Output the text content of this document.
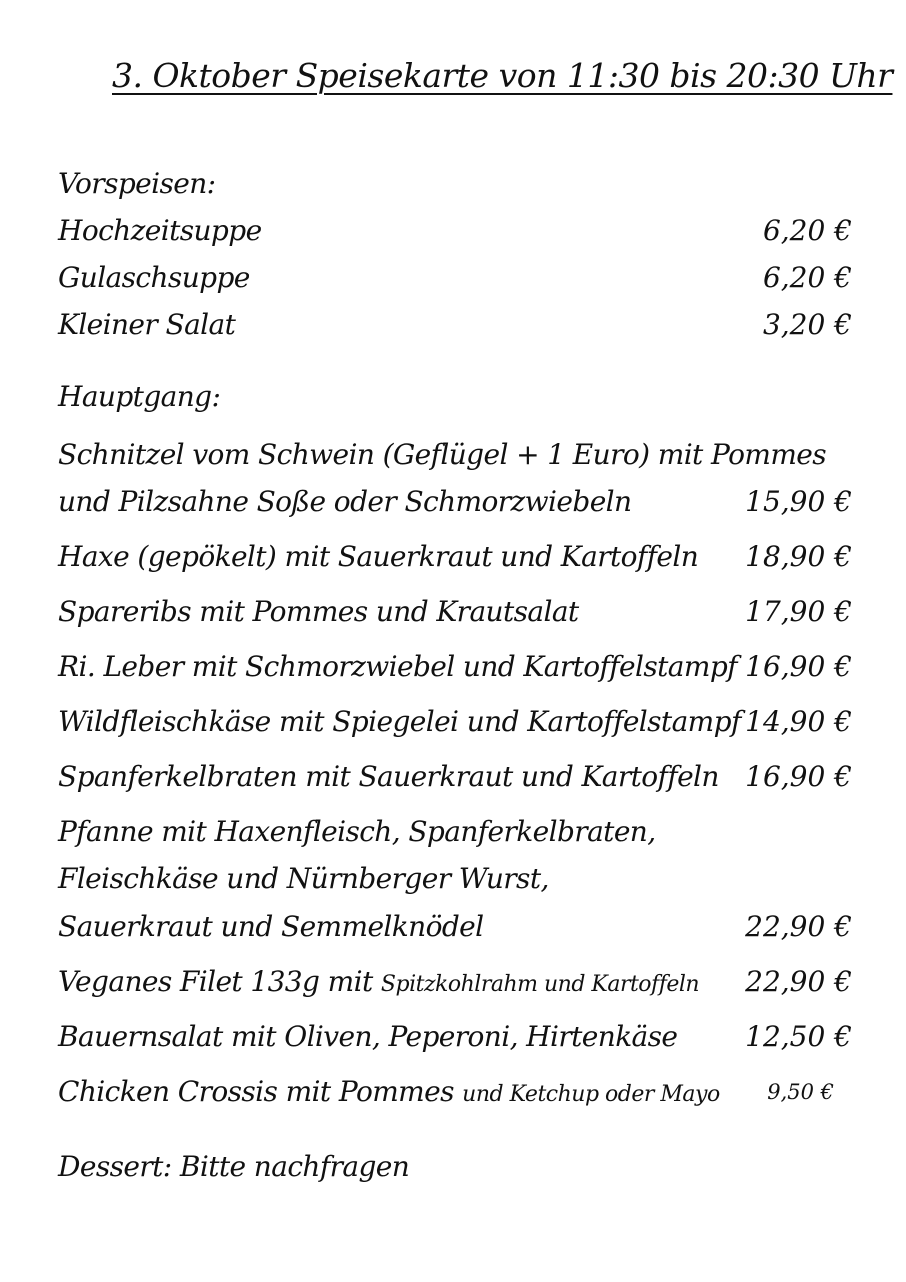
3. Oktober Speisekarte von 11:30 bis 20:30 Uhr
Vorspeisen:
Hochzeitsuppe	6,20 €
Gulaschsuppe	6,20 €
Kleiner Salat	3,20 €
Hauptgang:
Schnitzel vom Schwein (Geflügel + 1 Euro) mit Pommes
und Pilzsahne Soße oder Schmorzwiebeln	15,90 €
Haxe (gepökelt) mit Sauerkraut und Kartoffeln 18,90 €
Spareribs mit Pommes und Krautsalat	17,90 €
Ri. Leber mit Schmorzwiebel und Kartoffelstampf 16,90 €
Wildfleischkäse mit Spiegelei und Kartoffelstampf 14,90 €
Spanferkelbraten mit Sauerkraut und Kartoffeln 16,90 €
Pfanne mit Haxenfleisch, Spanferkelbraten,
Fleischkäse und Nürnberger Wurst,
Sauerkraut und Semmelknödel	22,90 €
Veganes Filet 133g mit Spitzkohlrahm und Kartoffeln 22,90 €
Bauernsalat mit Oliven, Peperoni, Hirtenkäse 12,50 €
Chicken Crossis mit Pommes und Ketchup oder Mayo 9,50 €
Dessert: Bitte nachfragen
